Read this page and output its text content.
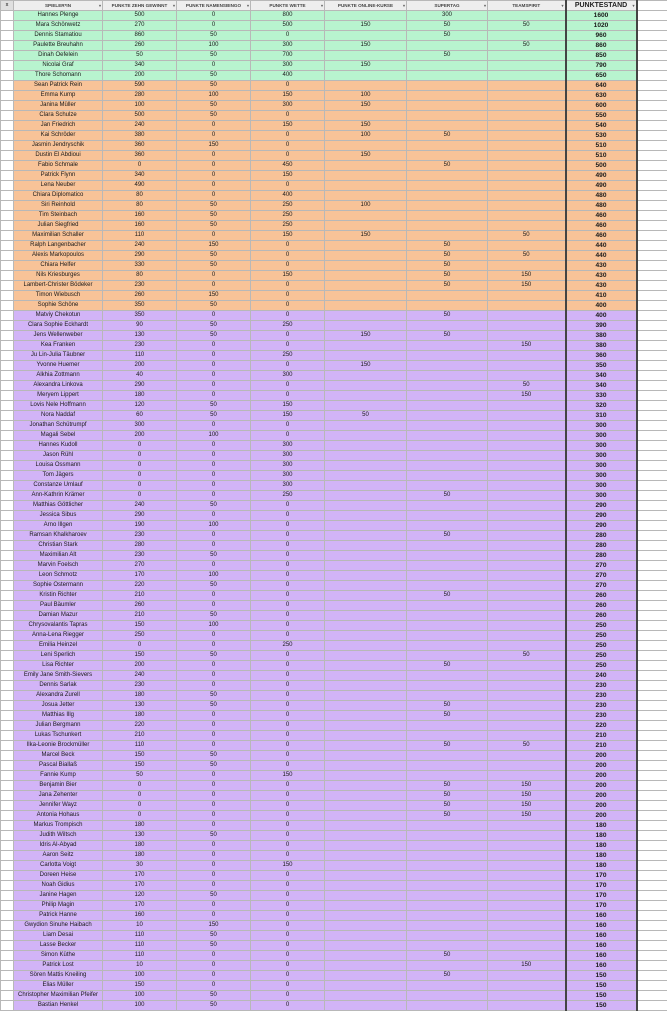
x	SPIELER*IN ▾	PUNKTE ZEHN GEWINNT ▾	PUNKTE NAMENSBINGO ▾	PUNKTE WETTE ▾	PUNKTE ONLINE-KURSE ▾	SUPERTAG ▾	TEAMSPIRIT ▾	PUNKTESTAND ▾	

	Hannes Plenge	500	0	800		300		1600	
	Mara Schönwetz	270	0	500	150	50	50	1020	
	Dennis Stamatiou	860	50	0		50		960	
	Paulette Breuhahn	260	100	300	150		50	860	
	Dinah Oefelein	50	50	700		50		850	
	Nicolai Graf	340	0	300	150			790	
	Thore Schomann	200	50	400				650	
	Sean Patrick Rein	590	50	0				640	
	Emma Kump	280	100	150	100			630	
	Janina Müller	100	50	300	150			600	
	Clara Schulze	500	50	0				550	
	Jan Friedrich	240	0	150	150			540	
	Kai Schröder	380	0	0	100	50		530	
	Jasmin Jendryschik	360	150	0				510	
	Dustin El Abdioui	360	0	0	150			510	
	Fabio Schmale	0	0	450		50		500	
	Patrick Flynn	340	0	150				490	
	Lena Neuber	490	0	0				490	
	Chiara Diplomatico	80	0	400				480	
	Siri Reinhold	80	50	250	100			480	
	Tim Steinbach	160	50	250				460	
	Julian Siegfried	160	50	250				460	
	Maximilian Schaller	110	0	150	150		50	460	
	Ralph Langenbacher	240	150	0		50		440	
	Alexis Markopoulos	290	50	0		50	50	440	
	Chiara Helfer	330	50	0		50		430	
	Nils Kriesburges	80	0	150		50	150	430	
	Lambert-Christer Bödeker	230	0	0		50	150	430	
	Timon Wiebusch	260	150	0				410	
	Sophie Schöne	350	50	0				400	
	Matviy Chekotun	350	0	0		50		400	
	Clara Sophie Eckhardt	90	50	250				390	
	Jens Wellenweber	130	50	0	150	50		380	
	Kea Franken	230	0	0			150	380	
	Ju Lin-Julia Täubner	110	0	250				360	
	Yvonne Huemer	200	0	0	150			350	
	Alkhia Zottmann	40	0	300				340	
	Alexandra Linkova	290	0	0			50	340	
	Meryem Lippert	180	0	0			150	330	
	Lovis Nele Hoffmann	120	50	150				320	
	Nora Naddaf	60	50	150	50			310	
	Jonathan Schütrumpf	300	0	0				300	
	Magali Sebel	200	100	0				300	
	Hannes Kudoll	0	0	300				300	
	Jason Rühl	0	0	300				300	
	Louisa Ossmann	0	0	300				300	
	Tom Jägers	0	0	300				300	
	Constanze Umlauf	0	0	300				300	
	Ann-Kathrin Krämer	0	0	250		50		300	
	Matthias Göttlicher	240	50	0				290	
	Jessica Sibus	290	0	0				290	
	Arno Illgen	190	100	0				290	
	Ramsan Khalkharoev	230	0	0		50		280	
	Christian Stark	280	0	0				280	
	Maximilian Alt	230	50	0				280	
	Marvin Foelsch	270	0	0				270	
	Leon Schmotz	170	100	0				270	
	Sophie Ostermann	220	50	0				270	
	Kristin Richter	210	0	0		50		260	
	Paul Bäumler	260	0	0				260	
	Damian Mazur	210	50	0				260	
	Chrysovalantis Tapras	150	100	0				250	
	Anna-Lena Riegger	250	0	0				250	
	Emilia Heinzel	0	0	250				250	
	Leni Sperlich	150	50	0			50	250	
	Lisa Richter	200	0	0		50		250	
	Emily Jane Smith-Sievers	240	0	0				240	
	Dennis Sarlak	230	0	0				230	
	Alexandra Zurell	180	50	0				230	
	Josua Jetter	130	50	0		50		230	
	Matthias Illg	180	0	0		50		230	
	Julian Bergmann	220	0	0				220	
	Lukas Tschunkert	210	0	0				210	
	Ilka-Leonie Brockmüller	110	0	0		50	50	210	
	Marcel Beck	150	50	0				200	
	Pascal Biallaß	150	50	0				200	
	Fannie Kump	50	0	150				200	
	Benjamin Bier	0	0	0		50	150	200	
	Jana Zehenter	0	0	0		50	150	200	
	Jennifer Wayz	0	0	0		50	150	200	
	Antonia Hohaus	0	0	0		50	150	200	
	Markus Trompisch	180	0	0				180	
	Judith Wiltsch	130	50	0				180	
	Idris Al-Abyad	180	0	0				180	
	Aaron Seitz	180	0	0				180	
	Carlotta Voigt	30	0	150				180	
	Doreen Heise	170	0	0				170	
	Noah Gidius	170	0	0				170	
	Janine Hagen	120	50	0				170	
	Philip Magin	170	0	0				170	
	Patrick Hanne	160	0	0				160	
	Gwydion Sinuhe Haibach	10	150	0				160	
	Liam Desai	110	50	0				160	
	Lasse Becker	110	50	0				160	
	Simon Küthe	110	0	0		50		160	
	Patrick Lost	10	0	0			150	160	
	Sören Mattis Kneiling	100	0	0		50		150	
	Elias Müller	150	0	0				150	
	Christopher Maximilian Pfeifer	100	50	0				150	
	Bastian Henkel	100	50	0				150	
